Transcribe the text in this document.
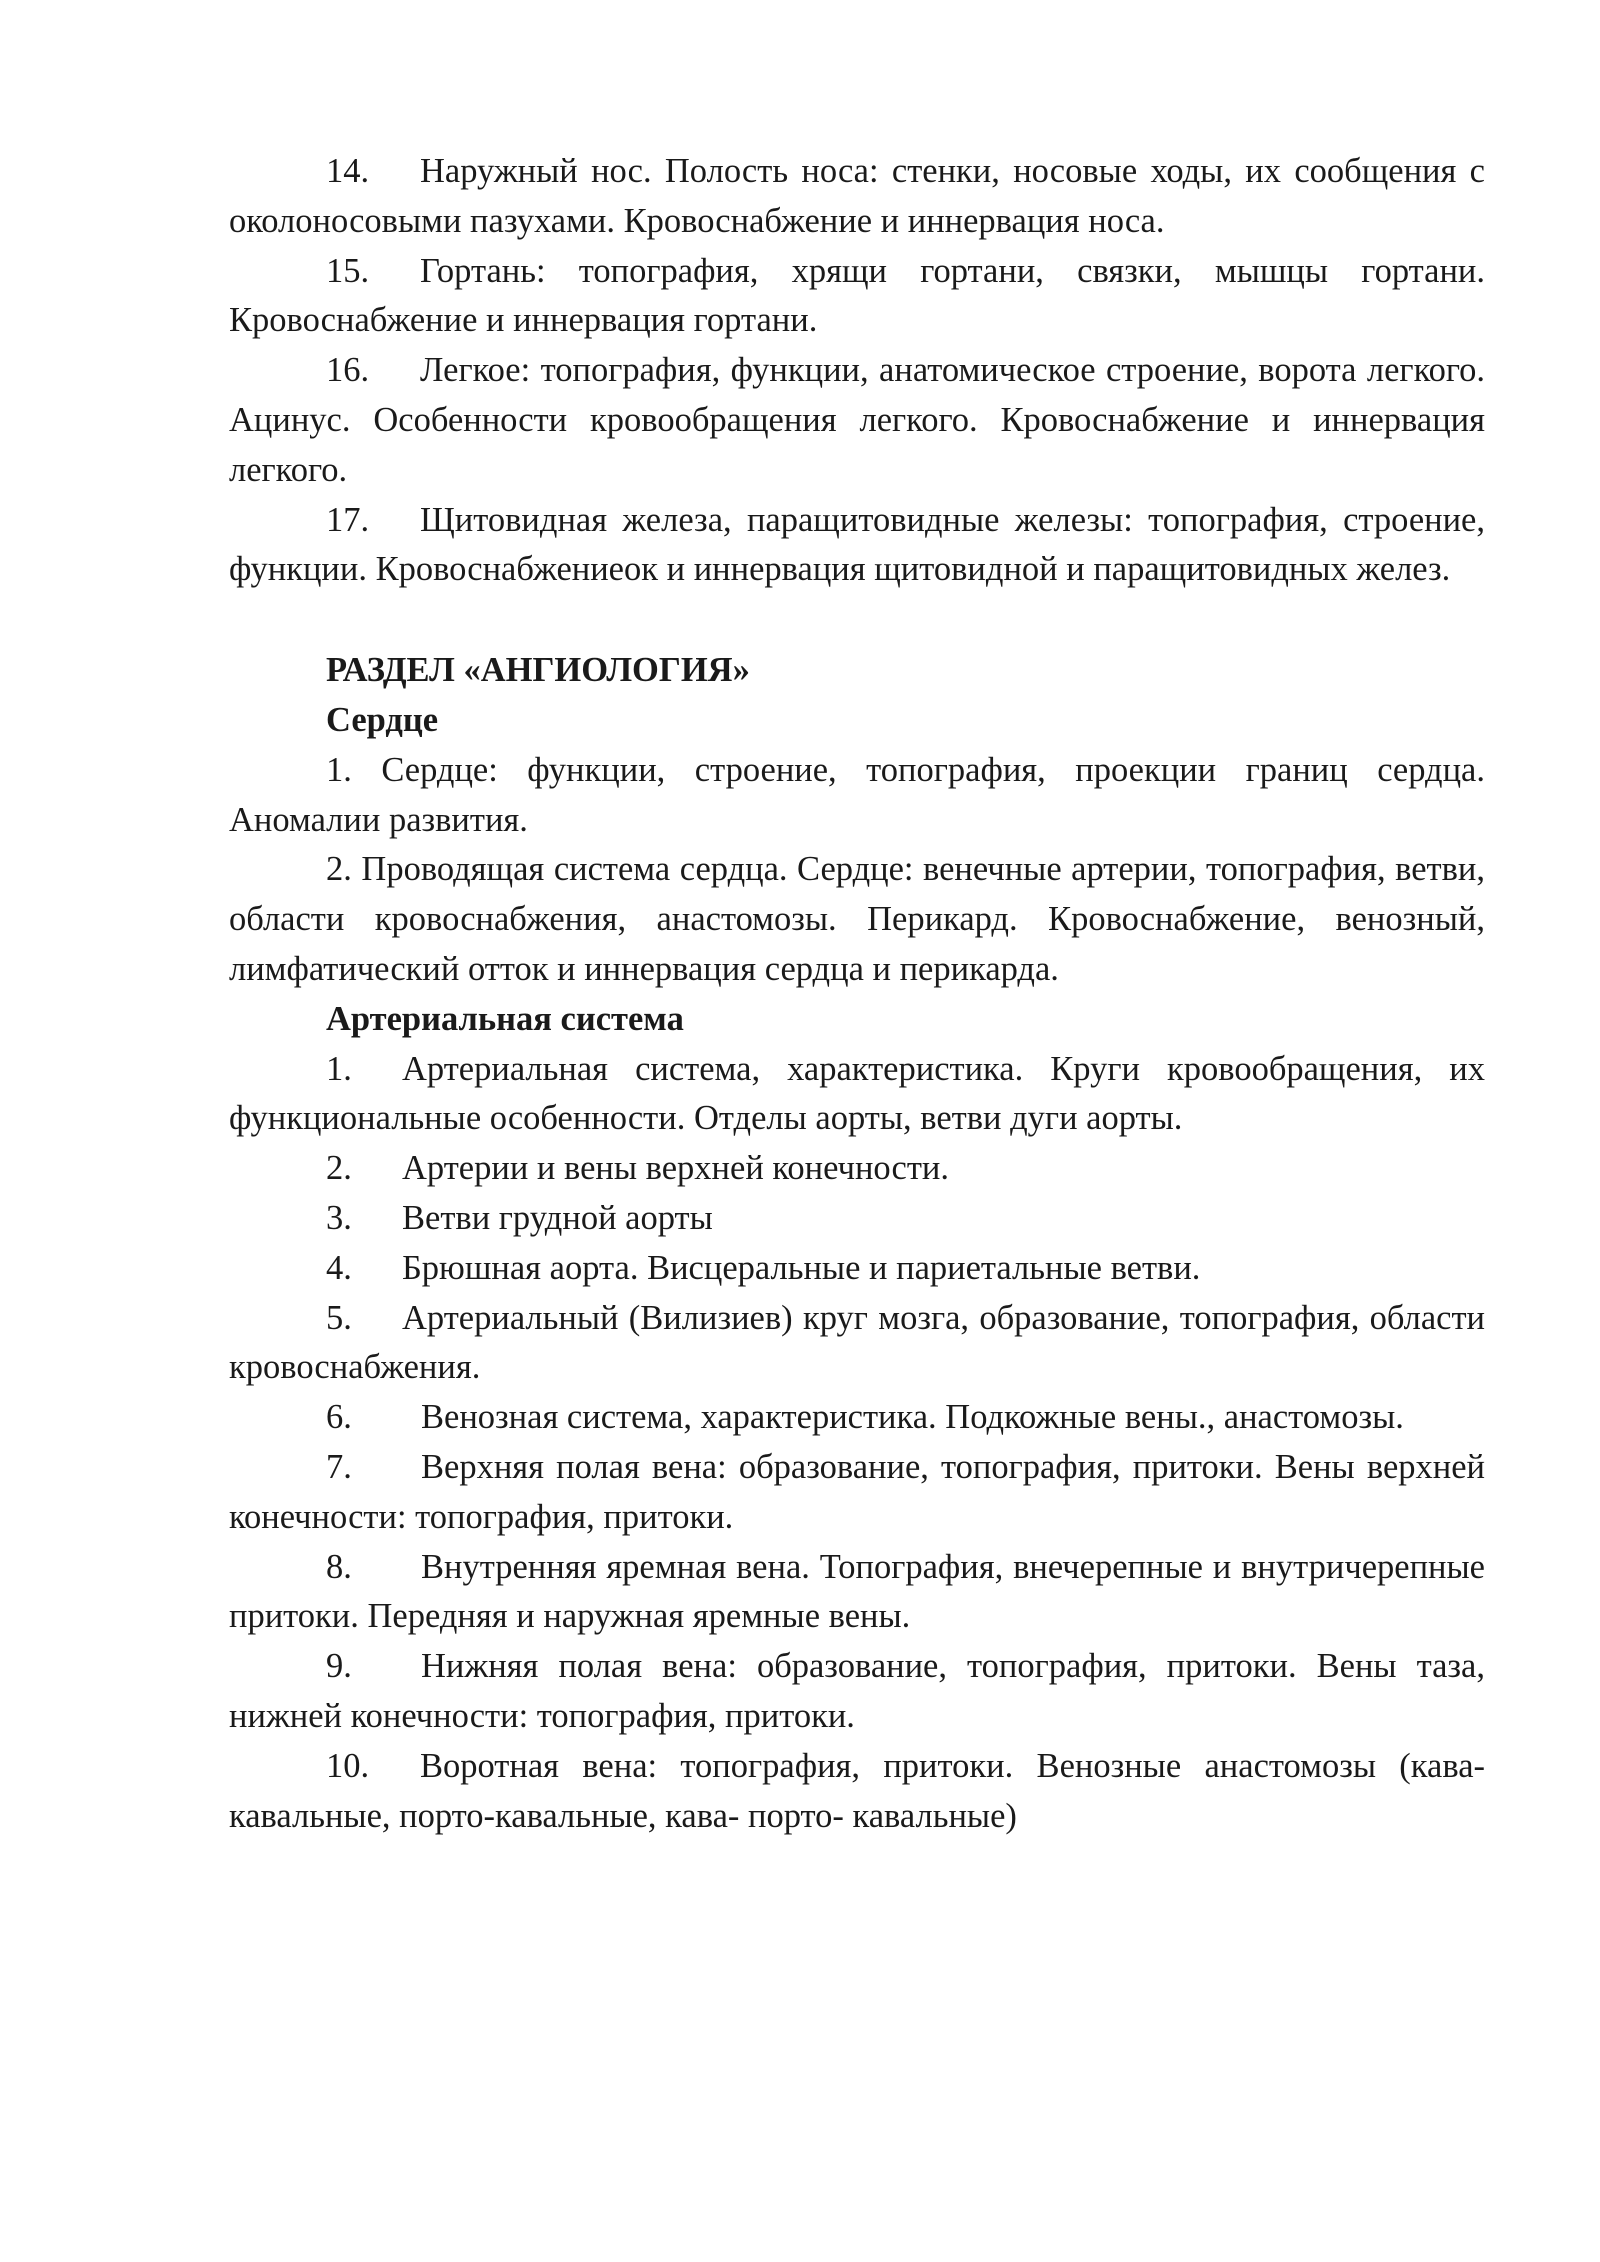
14. Наружный нос. Полость носа: стенки, носовые ходы, их сообщения с околоносовыми пазухами. Кровоснабжение и иннервация носа.

15. Гортань: топография, хрящи гортани, связки, мышцы гортани. Кровоснабжение и иннервация гортани.

16. Легкое: топография, функции, анатомическое строение, ворота легкого. Ацинус. Особенности кровообращения легкого. Кровоснабжение и иннервация легкого.

17. Щитовидная железа, паращитовидные железы: топография, строение, функции. Кровоснабжениеок и иннервация щитовидной и паращитовидных желез.

РАЗДЕЛ «АНГИОЛОГИЯ»

Сердце

1. Сердце: функции, строение, топография, проекции границ сердца. Аномалии развития.

2. Проводящая система сердца. Сердце: венечные артерии, топография, ветви, области кровоснабжения, анастомозы. Перикард. Кровоснабжение, венозный, лимфатический отток и иннервация сердца и перикарда.

Артериальная система

1. Артериальная система, характеристика. Круги кровообращения, их функциональные особенности. Отделы аорты, ветви дуги аорты.

2. Артерии и вены верхней конечности.

3. Ветви грудной аорты

4. Брюшная аорта. Висцеральные и париетальные ветви.

5. Артериальный (Вилизиев) круг мозга, образование, топография, области кровоснабжения.

6. Венозная система, характеристика. Подкожные вены., анастомозы.

7. Верхняя полая вена: образование, топография, притоки. Вены верхней конечности: топография, притоки.

8. Внутренняя яремная вена. Топография, внечерепные и внутричерепные притоки. Передняя и наружная яремные вены.

9. Нижняя полая вена: образование, топография, притоки. Вены таза, нижней конечности: топография, притоки.

10. Воротная вена: топография, притоки. Венозные анастомозы (кава-кавальные, порто-кавальные, кава- порто- кавальные)
